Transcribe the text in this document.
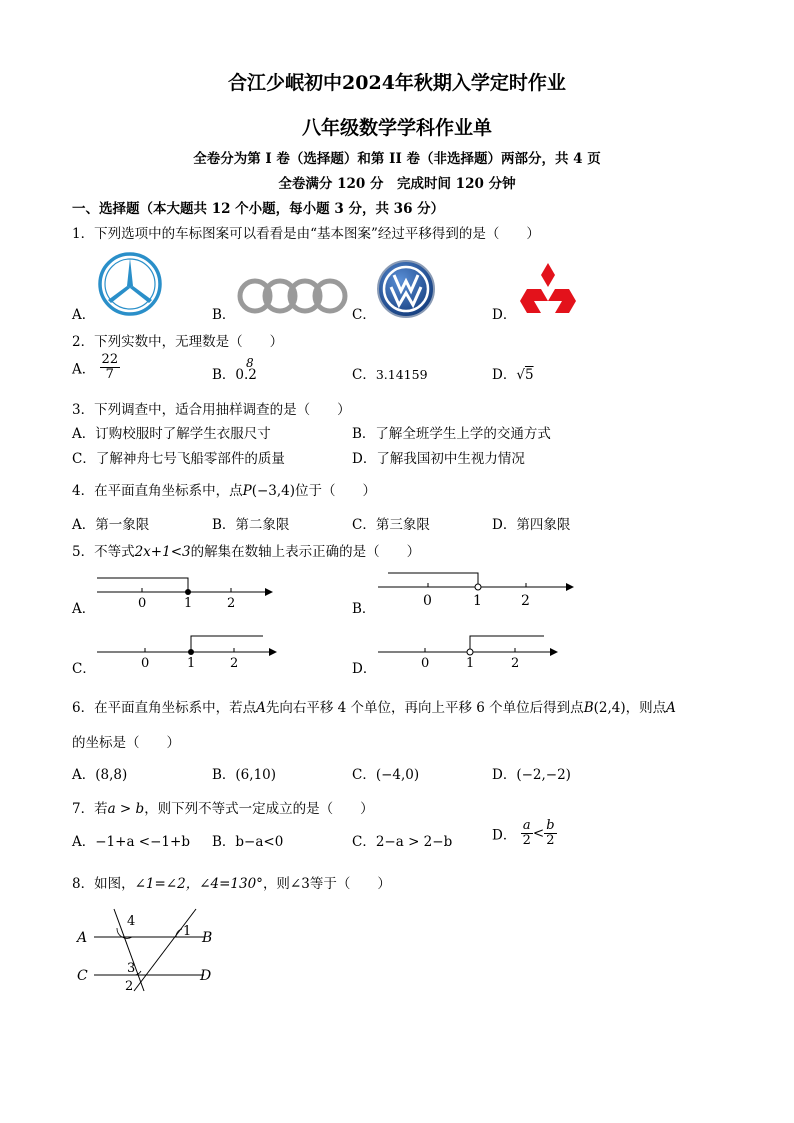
合江少岷初中2024年秋期入学定时作业
八年级数学学科作业单
全卷分为第 I 卷（选择题）和第 II 卷（非选择题）两部分，共 4 页
全卷满分 120 分　完成时间 120 分钟
一、选择题（本大题共 12 个小题，每小题 3 分，共 36 分）
1．下列选项中的车标图案可以看看是由“基本图案”经过平移得到的是（　　）
A．	B．	C．	D．
2．下列实数中，无理数是（　　）
A． $\frac{22}{7}$	B．0.2
8
C．3.14159	D．√5
3．下列调查中，适合用抽样调查的是（　　）
A．订购校服时了解学生衣服尺寸	B．了解全班学生上学的交通方式
C．了解神舟七号飞船零部件的质量	D．了解我国初中生视力情况
4．在平面直角坐标系中，点P(−3,4)位于（　　）
A．第一象限	B．第二象限	C．第三象限	D．第四象限
5．不等式2x+1<3的解集在数轴上表示正确的是（　　）
A．	0	1	2	B．	0	1	2
C．	0	1	2	D．	0	1	2
6．在平面直角坐标系中，若点A先向右平移 4 个单位，再向上平移 6 个单位后得到点B(2,4)，则点A
的坐标是（　　）
A．(8,8)	B．(6,10)	C．(−4,0)	D．(−2,−2)
7．若a > b，则下列不等式一定成立的是（　　）
A．−1+a <−1+b B．b−a<0	C．2−a > 2−b	D． $\frac{a}{2} < \frac{b}{2}$
8．如图，∠1=∠2，∠4=130°，则∠3等于（　　）
A	B
C	D
1
2
3
4
